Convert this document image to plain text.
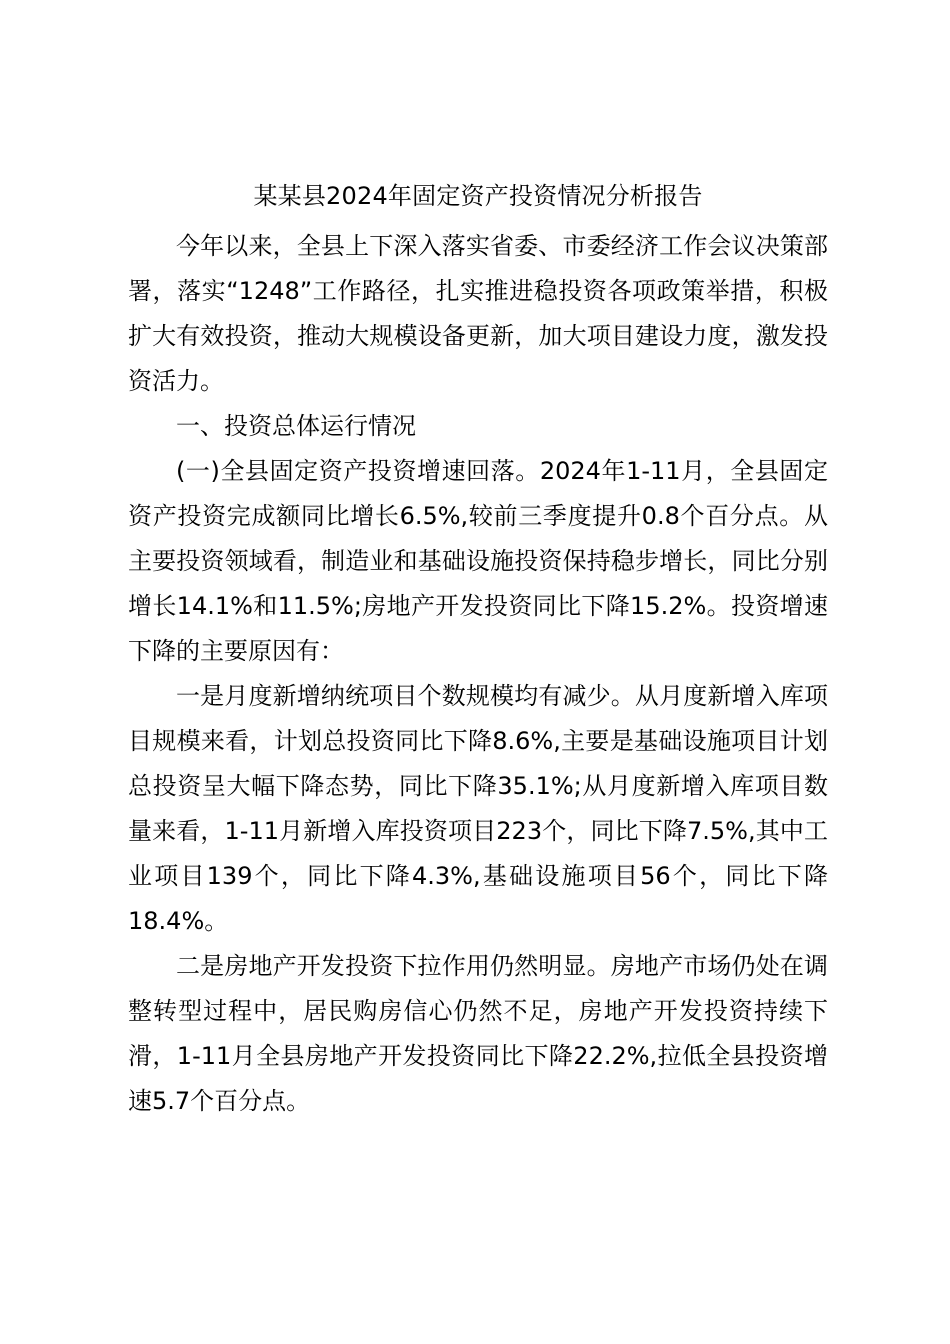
某某县2024年固定资产投资情况分析报告

今年以来，全县上下深入落实省委、市委经济工作会议决策部署，落实“1248”工作路径，扎实推进稳投资各项政策举措，积极扩大有效投资，推动大规模设备更新，加大项目建设力度，激发投资活力。

一、投资总体运行情况

(一)全县固定资产投资增速回落。2024年1-11月，全县固定资产投资完成额同比增长6.5%,较前三季度提升0.8个百分点。从主要投资领域看，制造业和基础设施投资保持稳步增长，同比分别增长14.1%和11.5%;房地产开发投资同比下降15.2%。投资增速下降的主要原因有：

一是月度新增纳统项目个数规模均有减少。从月度新增入库项目规模来看，计划总投资同比下降8.6%,主要是基础设施项目计划总投资呈大幅下降态势，同比下降35.1%;从月度新增入库项目数量来看，1-11月新增入库投资项目223个，同比下降7.5%,其中工业项目139个，同比下降4.3%,基础设施项目56个，同比下降18.4%。

二是房地产开发投资下拉作用仍然明显。房地产市场仍处在调整转型过程中，居民购房信心仍然不足，房地产开发投资持续下滑，1-11月全县房地产开发投资同比下降22.2%,拉低全县投资增速5.7个百分点。
